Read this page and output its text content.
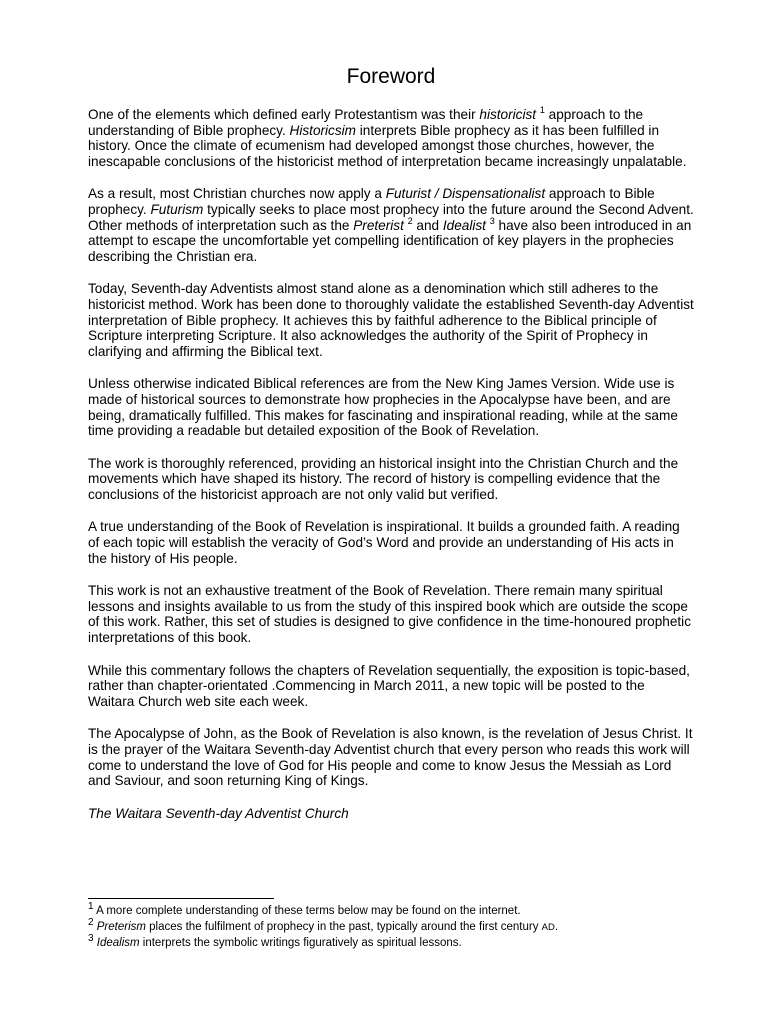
Foreword

One of the elements which defined early Protestantism was their historicist $^1$ approach to the understanding of Bible prophecy. Historicsim interprets Bible prophecy as it has been fulfilled in history. Once the climate of ecumenism had developed amongst those churches, however, the inescapable conclusions of the historicist method of interpretation became increasingly unpalatable.

As a result, most Christian churches now apply a Futurist / Dispensationalist approach to Bible prophecy. Futurism typically seeks to place most prophecy into the future around the Second Advent. Other methods of interpretation such as the Preterist $^2$ and Idealist $^3$ have also been introduced in an attempt to escape the uncomfortable yet compelling identification of key players in the prophecies describing the Christian era.

Today, Seventh-day Adventists almost stand alone as a denomination which still adheres to the historicist method. Work has been done to thoroughly validate the established Seventh-day Adventist interpretation of Bible prophecy. It achieves this by faithful adherence to the Biblical principle of Scripture interpreting Scripture. It also acknowledges the authority of the Spirit of Prophecy in clarifying and affirming the Biblical text.

Unless otherwise indicated Biblical references are from the New King James Version. Wide use is made of historical sources to demonstrate how prophecies in the Apocalypse have been, and are being, dramatically fulfilled. This makes for fascinating and inspirational reading, while at the same time providing a readable but detailed exposition of the Book of Revelation.

The work is thoroughly referenced, providing an historical insight into the Christian Church and the movements which have shaped its history. The record of history is compelling evidence that the conclusions of the historicist approach are not only valid but verified.

A true understanding of the Book of Revelation is inspirational. It builds a grounded faith. A reading of each topic will establish the veracity of God’s Word and provide an understanding of His acts in the history of His people.

This work is not an exhaustive treatment of the Book of Revelation. There remain many spiritual lessons and insights available to us from the study of this inspired book which are outside the scope of this work. Rather, this set of studies is designed to give confidence in the time-honoured prophetic interpretations of this book.

While this commentary follows the chapters of Revelation sequentially, the exposition is topic-based, rather than chapter-orientated .Commencing in March 2011, a new topic will be posted to the Waitara Church web site each week.

The Apocalypse of John, as the Book of Revelation is also known, is the revelation of Jesus Christ. It is the prayer of the Waitara Seventh-day Adventist church that every person who reads this work will come to understand the love of God for His people and come to know Jesus the Messiah as Lord and Saviour, and soon returning King of Kings.

The Waitara Seventh-day Adventist Church

$^1$ A more complete understanding of these terms below may be found on the internet.
$^2$ Preterism places the fulfilment of prophecy in the past, typically around the first century AD.
$^3$ Idealism interprets the symbolic writings figuratively as spiritual lessons.
